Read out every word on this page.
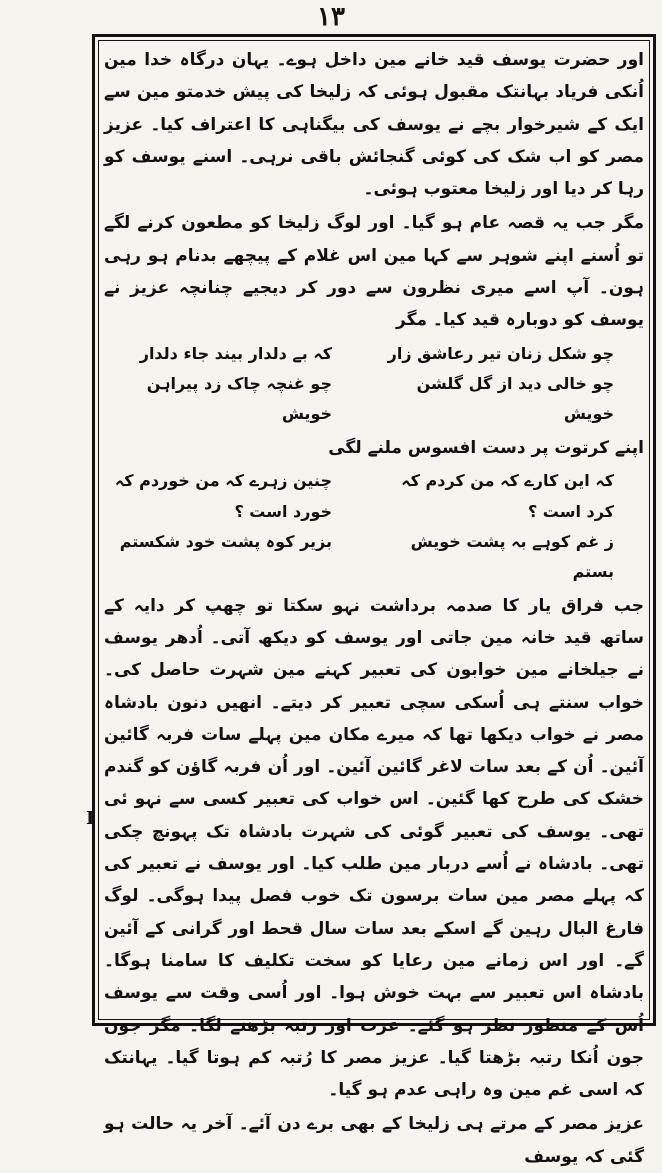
۱۳
I

اور حضرت یوسف قید خانے مین داخل ہوے۔ یہان درگاہ خدا مین اُنکی فریاد بہانتک مقبول ہوئی کہ زلیخا کی پیش خدمتو مین سے ایک کے شیرخوار بچے نے یوسف کی بیگناہی کا اعتراف کیا۔ عزیز مصر کو اب شک کی کوئی گنجائش باقی نرہی۔ اسنے یوسف کو رہا کر دیا اور زلیخا معتوب ہوئی۔

مگر جب یہ قصہ عام ہو گیا۔ اور لوگ زلیخا کو مطعون کرنے لگے تو اُسنے اپنے شوہر سے کہا مین اس غلام کے پیچھے بدنام ہو رہی ہون۔ آپ اسے میری نظرون سے دور کر دیجیے چنانچہ عزیز نے یوسف کو دوبارہ قید کیا۔ مگر

چو شکل زنان تیر رعاشق زار
کہ بے دلدار بیند جاء دلدار
چو خالی دید از گل گلشن خویش
چو غنچہ چاک زد پیراہن خویش

اپنے کرتوت پر دست افسوس ملنے لگی

کہ این کارے کہ من کردم کہ کرد است ؟
چنین زہرے کہ من خوردم کہ خورد است ؟
ز غم کوہے بہ پشت خویش بستم
بزیر کوہ پشت خود شکستم

جب فراق یار کا صدمہ برداشت نہو سکتا تو چھپ کر دایہ کے ساتھ قید خانہ مین جاتی اور یوسف کو دیکھ آتی۔ اُدھر یوسف نے جیلخانے مین خوابون کی تعبیر کہنے مین شہرت حاصل کی۔ خواب سنتے ہی اُسکی سچی تعبیر کر دیتے۔ انھیں دنون بادشاہ مصر نے خواب دیکھا تھا کہ میرے مکان مین پہلے سات فربہ گائین آئین۔ اُن کے بعد سات لاغر گائین آئین۔ اور اُن فربہ گاؤن کو گندم خشک کی طرح کھا گئین۔ اس خواب کی تعبیر کسی سے نہو ئی تھی۔ یوسف کی تعبیر گوئی کی شہرت بادشاہ تک پہونچ چکی تھی۔ بادشاہ نے اُسے دربار مین طلب کیا۔ اور یوسف نے تعبیر کی کہ پہلے مصر مین سات برسون تک خوب فصل پیدا ہوگی۔ لوگ فارغ البال رہین گے اسکے بعد سات سال قحط اور گرانی کے آئین گے۔ اور اس زمانے مین رعایا کو سخت تکلیف کا سامنا ہوگا۔ بادشاہ اس تعبیر سے بہت خوش ہوا۔ اور اُسی وقت سے یوسف اُس کے منظور نظر ہو گئے۔ عزت اور رتبہ بڑھنے لگا۔ مگر جون جون اُنکا رتبہ بڑھتا گیا۔ عزیز مصر کا رُتبہ کم ہوتا گیا۔ یہانتک کہ اسی غم مین وہ راہی عدم ہو گیا۔

عزیز مصر کے مرتے ہی زلیخا کے بھی برے دن آئے۔ آخر یہ حالت ہو گئی کہ یوسف
